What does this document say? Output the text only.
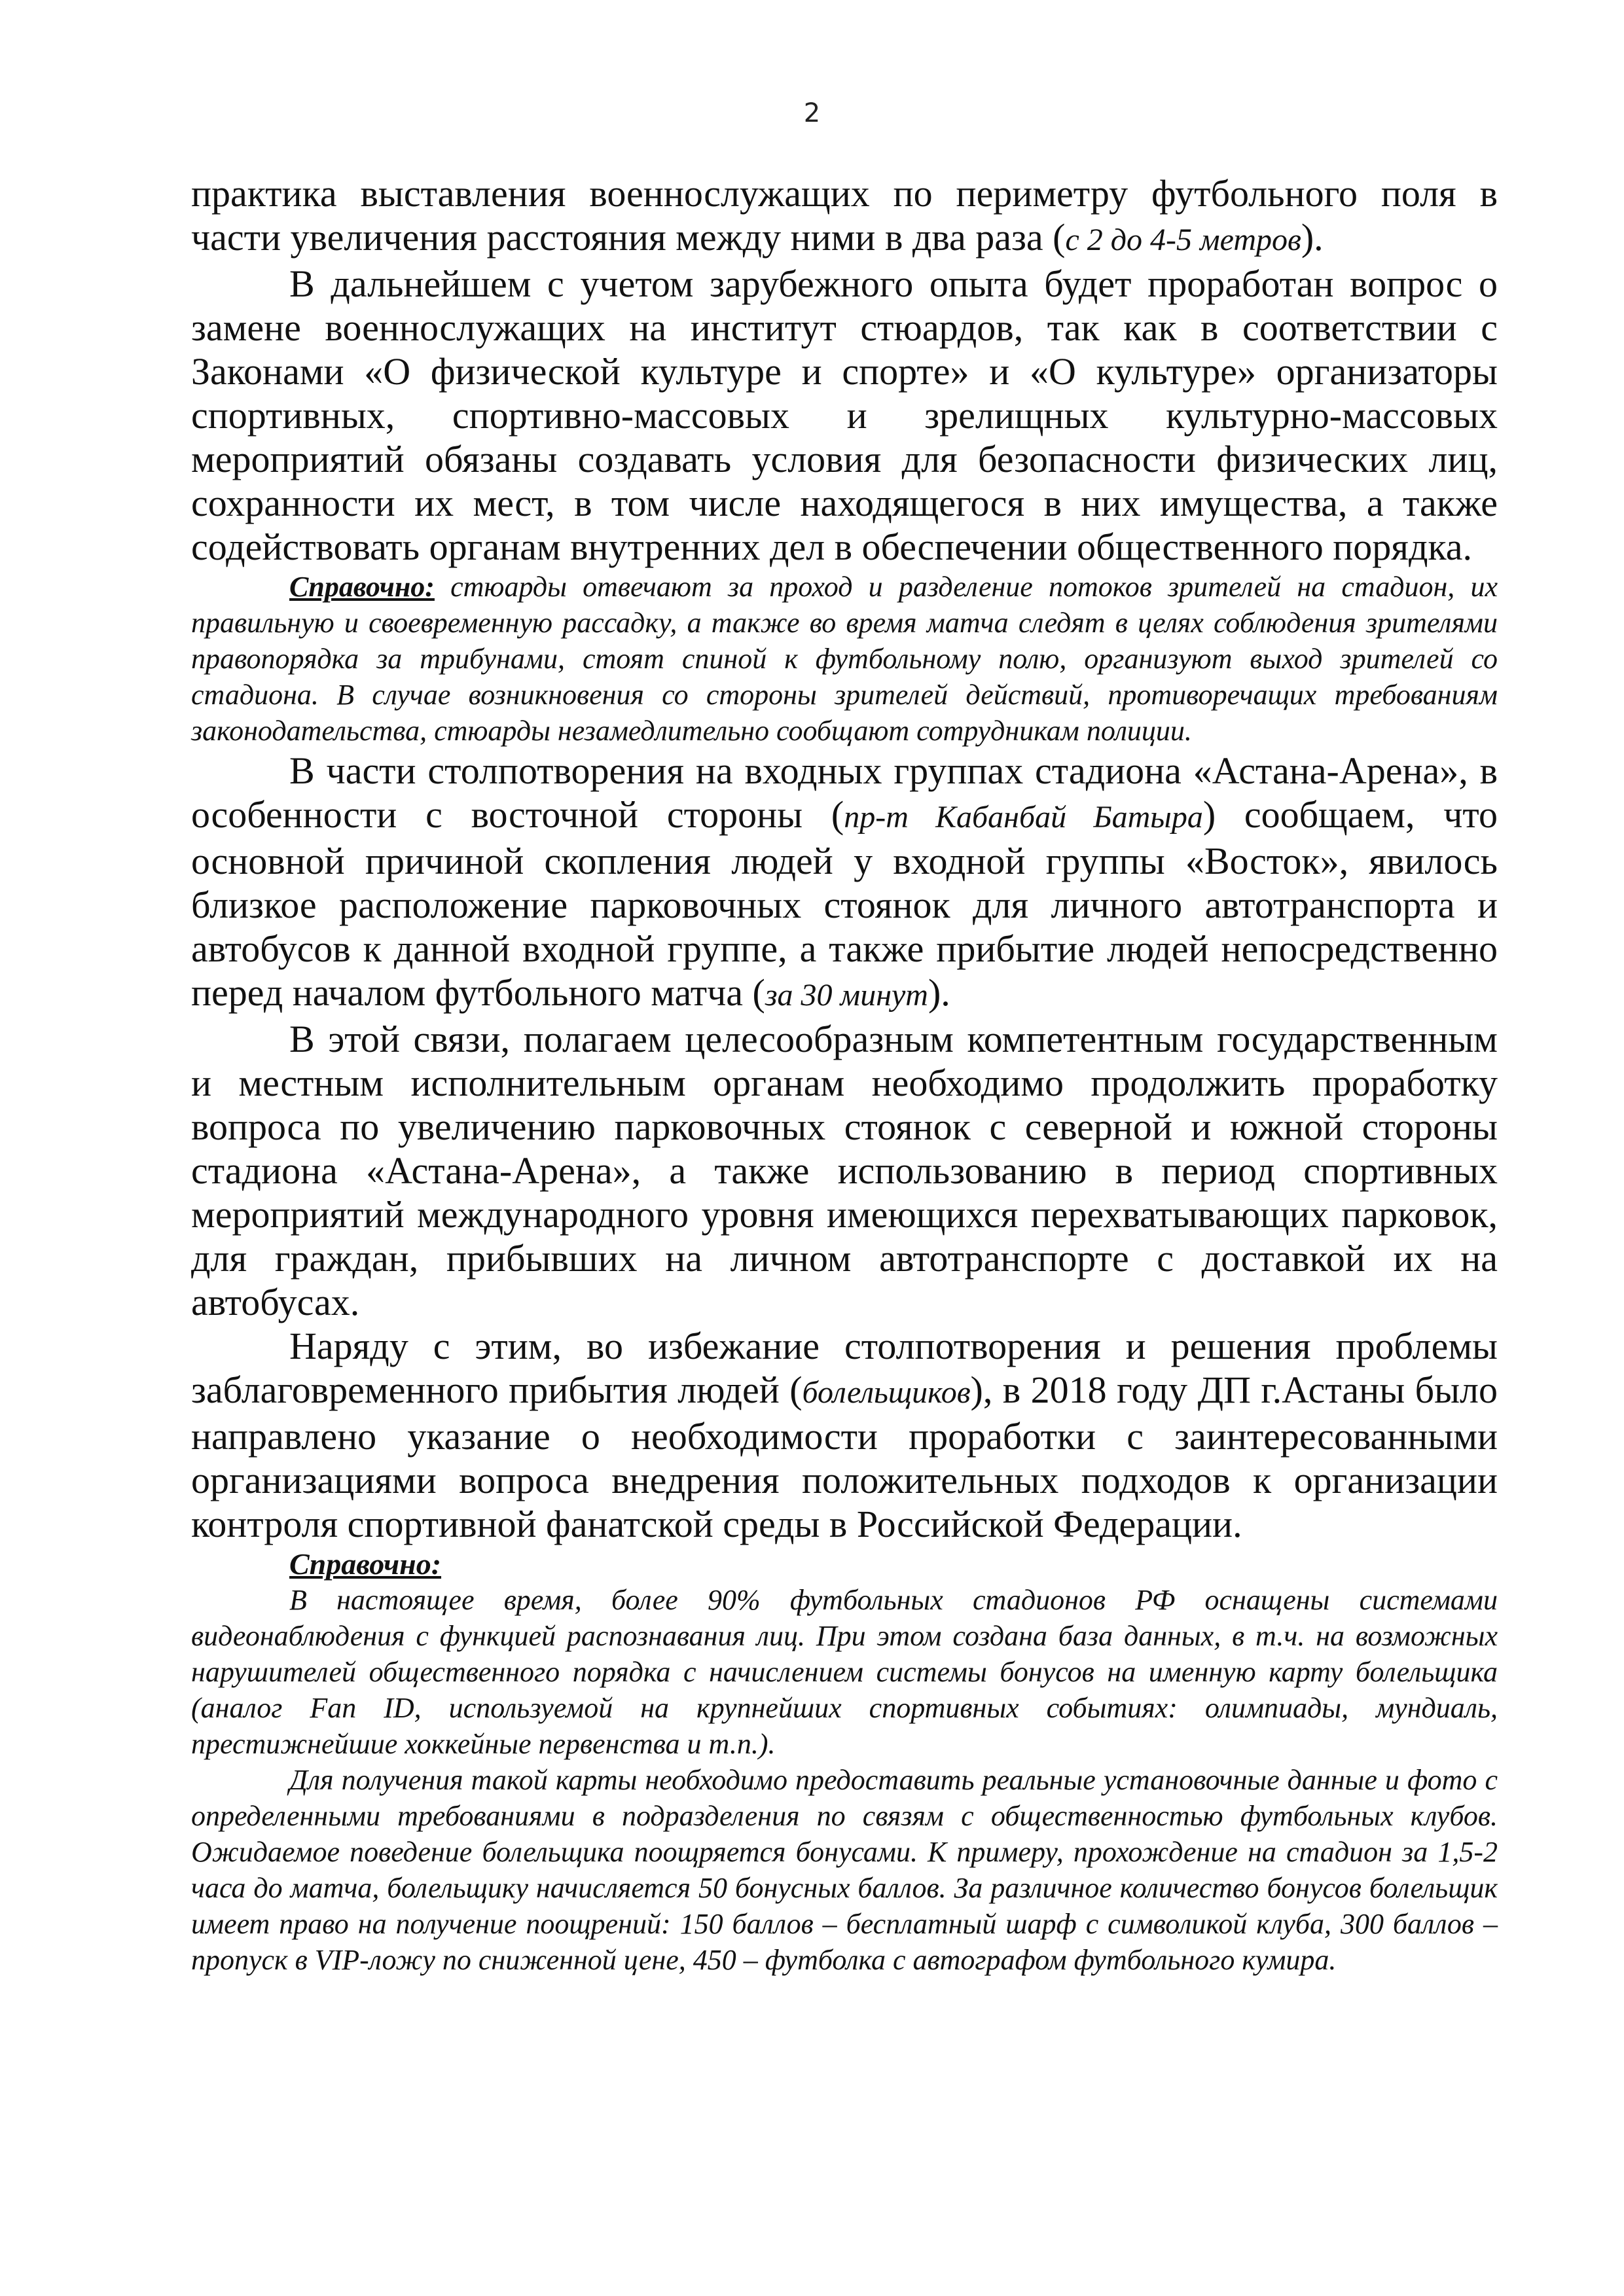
2

практика выставления военнослужащих по периметру футбольного поля в части увеличения расстояния между ними в два раза (с 2 до 4-5 метров).

В дальнейшем с учетом зарубежного опыта будет проработан вопрос о замене военнослужащих на институт стюардов, так как в соответствии с Законами «О физической культуре и спорте» и «О культуре» организаторы спортивных, спортивно-массовых и зрелищных культурно-массовых мероприятий обязаны создавать условия для безопасности физических лиц, сохранности их мест, в том числе находящегося в них имущества, а также содействовать органам внутренних дел в обеспечении общественного порядка.

Справочно: стюарды отвечают за проход и разделение потоков зрителей на стадион, их правильную и своевременную рассадку, а также во время матча следят в целях соблюдения зрителями правопорядка за трибунами, стоят спиной к футбольному полю, организуют выход зрителей со стадиона. В случае возникновения со стороны зрителей действий, противоречащих требованиям законодательства, стюарды незамедлительно сообщают сотрудникам полиции.

В части столпотворения на входных группах стадиона «Астана-Арена», в особенности с восточной стороны (пр-т Кабанбай Батыра) сообщаем, что основной причиной скопления людей у входной группы «Восток», явилось близкое расположение парковочных стоянок для личного автотранспорта и автобусов к данной входной группе, а также прибытие людей непосредственно перед началом футбольного матча (за 30 минут).

В этой связи, полагаем целесообразным компетентным государственным и местным исполнительным органам необходимо продолжить проработку вопроса по увеличению парковочных стоянок с северной и южной стороны стадиона «Астана-Арена», а также использованию в период спортивных мероприятий международного уровня имеющихся перехватывающих парковок, для граждан, прибывших на личном автотранспорте с доставкой их на автобусах.

Наряду с этим, во избежание столпотворения и решения проблемы заблаговременного прибытия людей (болельщиков), в 2018 году ДП г.Астаны было направлено указание о необходимости проработки с заинтересованными организациями вопроса внедрения положительных подходов к организации контроля спортивной фанатской среды в Российской Федерации.

Справочно:

В настоящее время, более 90% футбольных стадионов РФ оснащены системами видеонаблюдения с функцией распознавания лиц. При этом создана база данных, в т.ч. на возможных нарушителей общественного порядка с начислением системы бонусов на именную карту болельщика (аналог Fan ID, используемой на крупнейших спортивных событиях: олимпиады, мундиаль, престижнейшие хоккейные первенства и т.п.).

Для получения такой карты необходимо предоставить реальные установочные данные и фото с определенными требованиями в подразделения по связям с общественностью футбольных клубов. Ожидаемое поведение болельщика поощряется бонусами. К примеру, прохождение на стадион за 1,5-2 часа до матча, болельщику начисляется 50 бонусных баллов. За различное количество бонусов болельщик имеет право на получение поощрений: 150 баллов – бесплатный шарф с символикой клуба, 300 баллов – пропуск в VIP-ложу по сниженной цене, 450 – футболка с автографом футбольного кумира.
